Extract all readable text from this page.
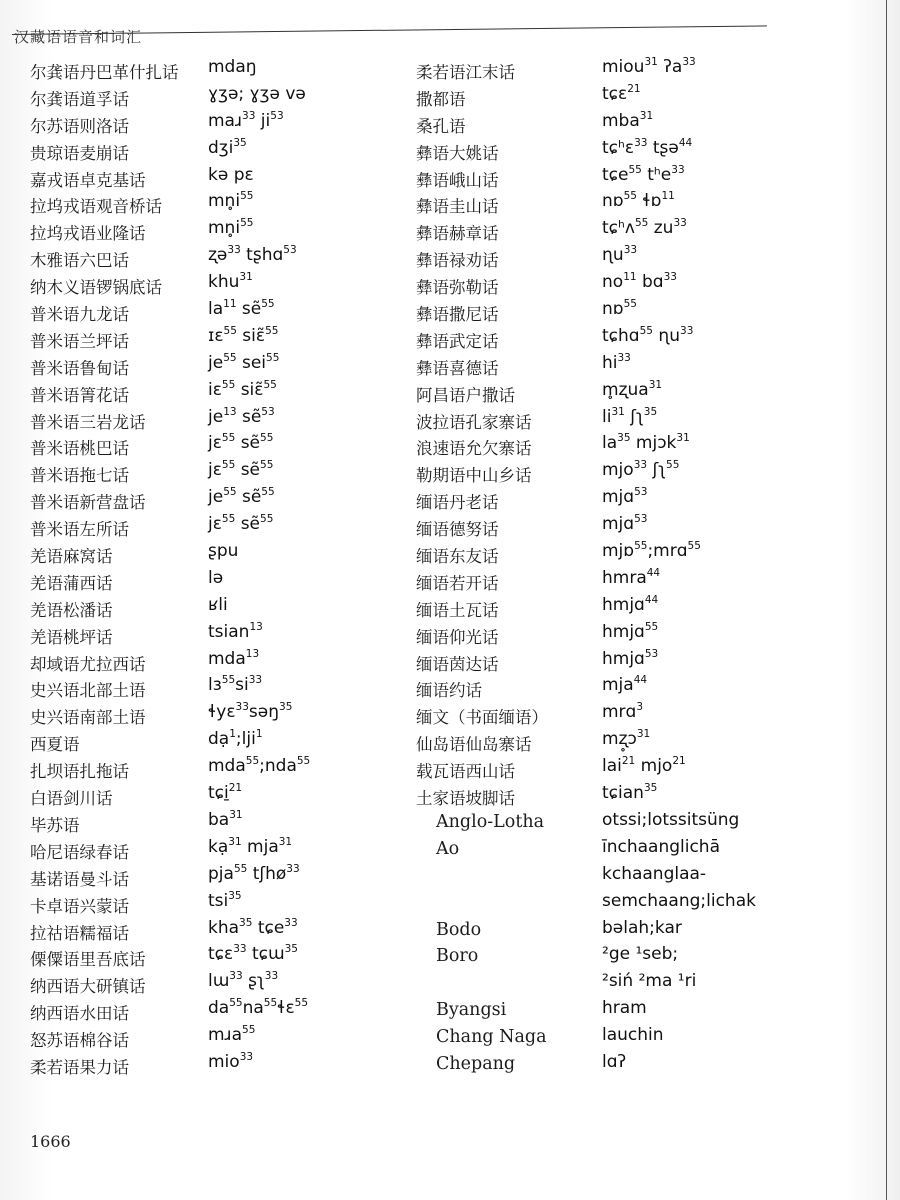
汉藏语语音和词汇
尔龚语丹巴革什扎话 mdaŋ
尔龚语道孚话	ɣʒə; ɣʒə və
尔苏语则洛话	maɹ$^{33}$ $ji^{53}$
贵琼语麦崩话	dʒi$^{35}$
嘉戎语卓克基话	kə pɛ
拉坞戎语观音桥话	$mn̥i^{55}$
拉坞戎语业隆话	$mn̥i^{55}$
木雅语六巴话	ʐə$^{33}$ tʂhɑ$^{53}$
纳木义语锣锅底话	khu$^{31}$
普米语九龙话	$la^{11}$ sẽ$^{55}$
普米语兰坪话	ɪɛ$^{55}$ siɛ̃$^{55}$
普米语鲁甸话	$je^{55}$ sei$^{55}$
普米语箐花话	iɛ$^{55}$ siɛ̃$^{55}$
普米语三岩龙话	$je^{13}$ sẽ$^{53}$
普米语桃巴话	jɛ$^{55}$ sẽ$^{55}$
普米语拖七话	jɛ$^{55}$ sẽ$^{55}$
普米语新营盘话	$je^{55}$ sẽ$^{55}$
普米语左所话	jɛ$^{55}$ sẽ$^{55}$
羌语麻窝话	ʂpu
羌语蒲西话	lə
羌语松潘话	ʁli
羌语桃坪话	tsian$^{13}$
却域语尤拉西话	mda$^{13}$
史兴语北部土语	$lɜ^{55}si^{33}$
史兴语南部土语	ɬyɛ$^{33}$səŋ$^{35}$
西夏语	dạ$^1$;lji$^1$
扎坝语扎拖话	mda$^{55}$;nda$^{55}$
白语剑川话	tɕi̱$^{21}$
毕苏语	$ba^{31}$
哈尼语绿春话	kạ$^{31}$ mja$^{31}$
基诺语曼斗话	pja$^{55}$ tʃhø$^{33}$
卡卓语兴蒙话	tsi$^{35}$
拉祜语糯福话	kha$^{35}$ tɕe$^{33}$
傈僳语里吾底话	tɕɛ$^{33}$ tɕɯ$^{35}$
纳西语大研镇话	lɯ$^{33}$ ʂʅ$^{33}$
纳西语水田话	$da^{55}na^{55}ɬɛ^{55}$
怒苏语棉谷话	mɹa$^{55}$
柔若语果力话	mio$^{33}$
柔若语江末话	miou$^{31}$ ʔa$^{33}$
撒都语	tɕɛ$^{21}$
桑孔语	mba$^{31}$
彝语大姚话	tɕʰɛ$^{33}$ tʂə$^{44}$
彝语峨山话	tɕe$^{55}$ tʰe$^{33}$
彝语圭山话	nɒ$^{55}$ ɬɒ$^{11}$
彝语赫章话	tɕʰʌ$^{55}$ $zu^{33}$
彝语禄劝话	ɳu$^{33}$
彝语弥勒话	$no^{11}$ bɑ$^{33}$
彝语撒尼话	nɒ$^{55}$
彝语武定话	tɕhɑ$^{55}$ ɳu$^{33}$
彝语喜德话	$hi^{33}$
阿昌语户撒话	m̥ʐua$^{31}$
波拉语孔家寨话	$li^{31}$ ʃʅ$^{35}$
浪速语允欠寨话	$la^{35}$ mjɔk$^{31}$
勒期语中山乡话	mjo$^{33}$ ʃʅ$^{55}$
缅语丹老话	mjɑ$^{53}$
缅语德努话	mjɑ$^{53}$
缅语东友话	mjɒ$^{55}$;mrɑ$^{55}$
缅语若开话	hmra$^{44}$
缅语土瓦话	hmjɑ$^{44}$
缅语仰光话	hmjɑ$^{55}$
缅语茵达话	hmjɑ$^{53}$
缅语约话	mja$^{44}$
缅文（书面缅语）	mrɑ$^3$
仙岛语仙岛寨话	mʐ̥ɔ$^{31}$
载瓦语西山话	lai$^{21}$ mjo$^{21}$
土家语坡脚话	tɕian$^{35}$
Anglo-Lotha	otssi;lotssitsüng
Ao	īnchaanglichā
kchaanglaa-
semchaang;lichak
Bodo	bəlah;kar
Boro	²ge ¹seb;
²siń ²ma ¹ri
Byangsi	hram
Chang Naga	lauchin
Chepang	lɑʔ
1666
